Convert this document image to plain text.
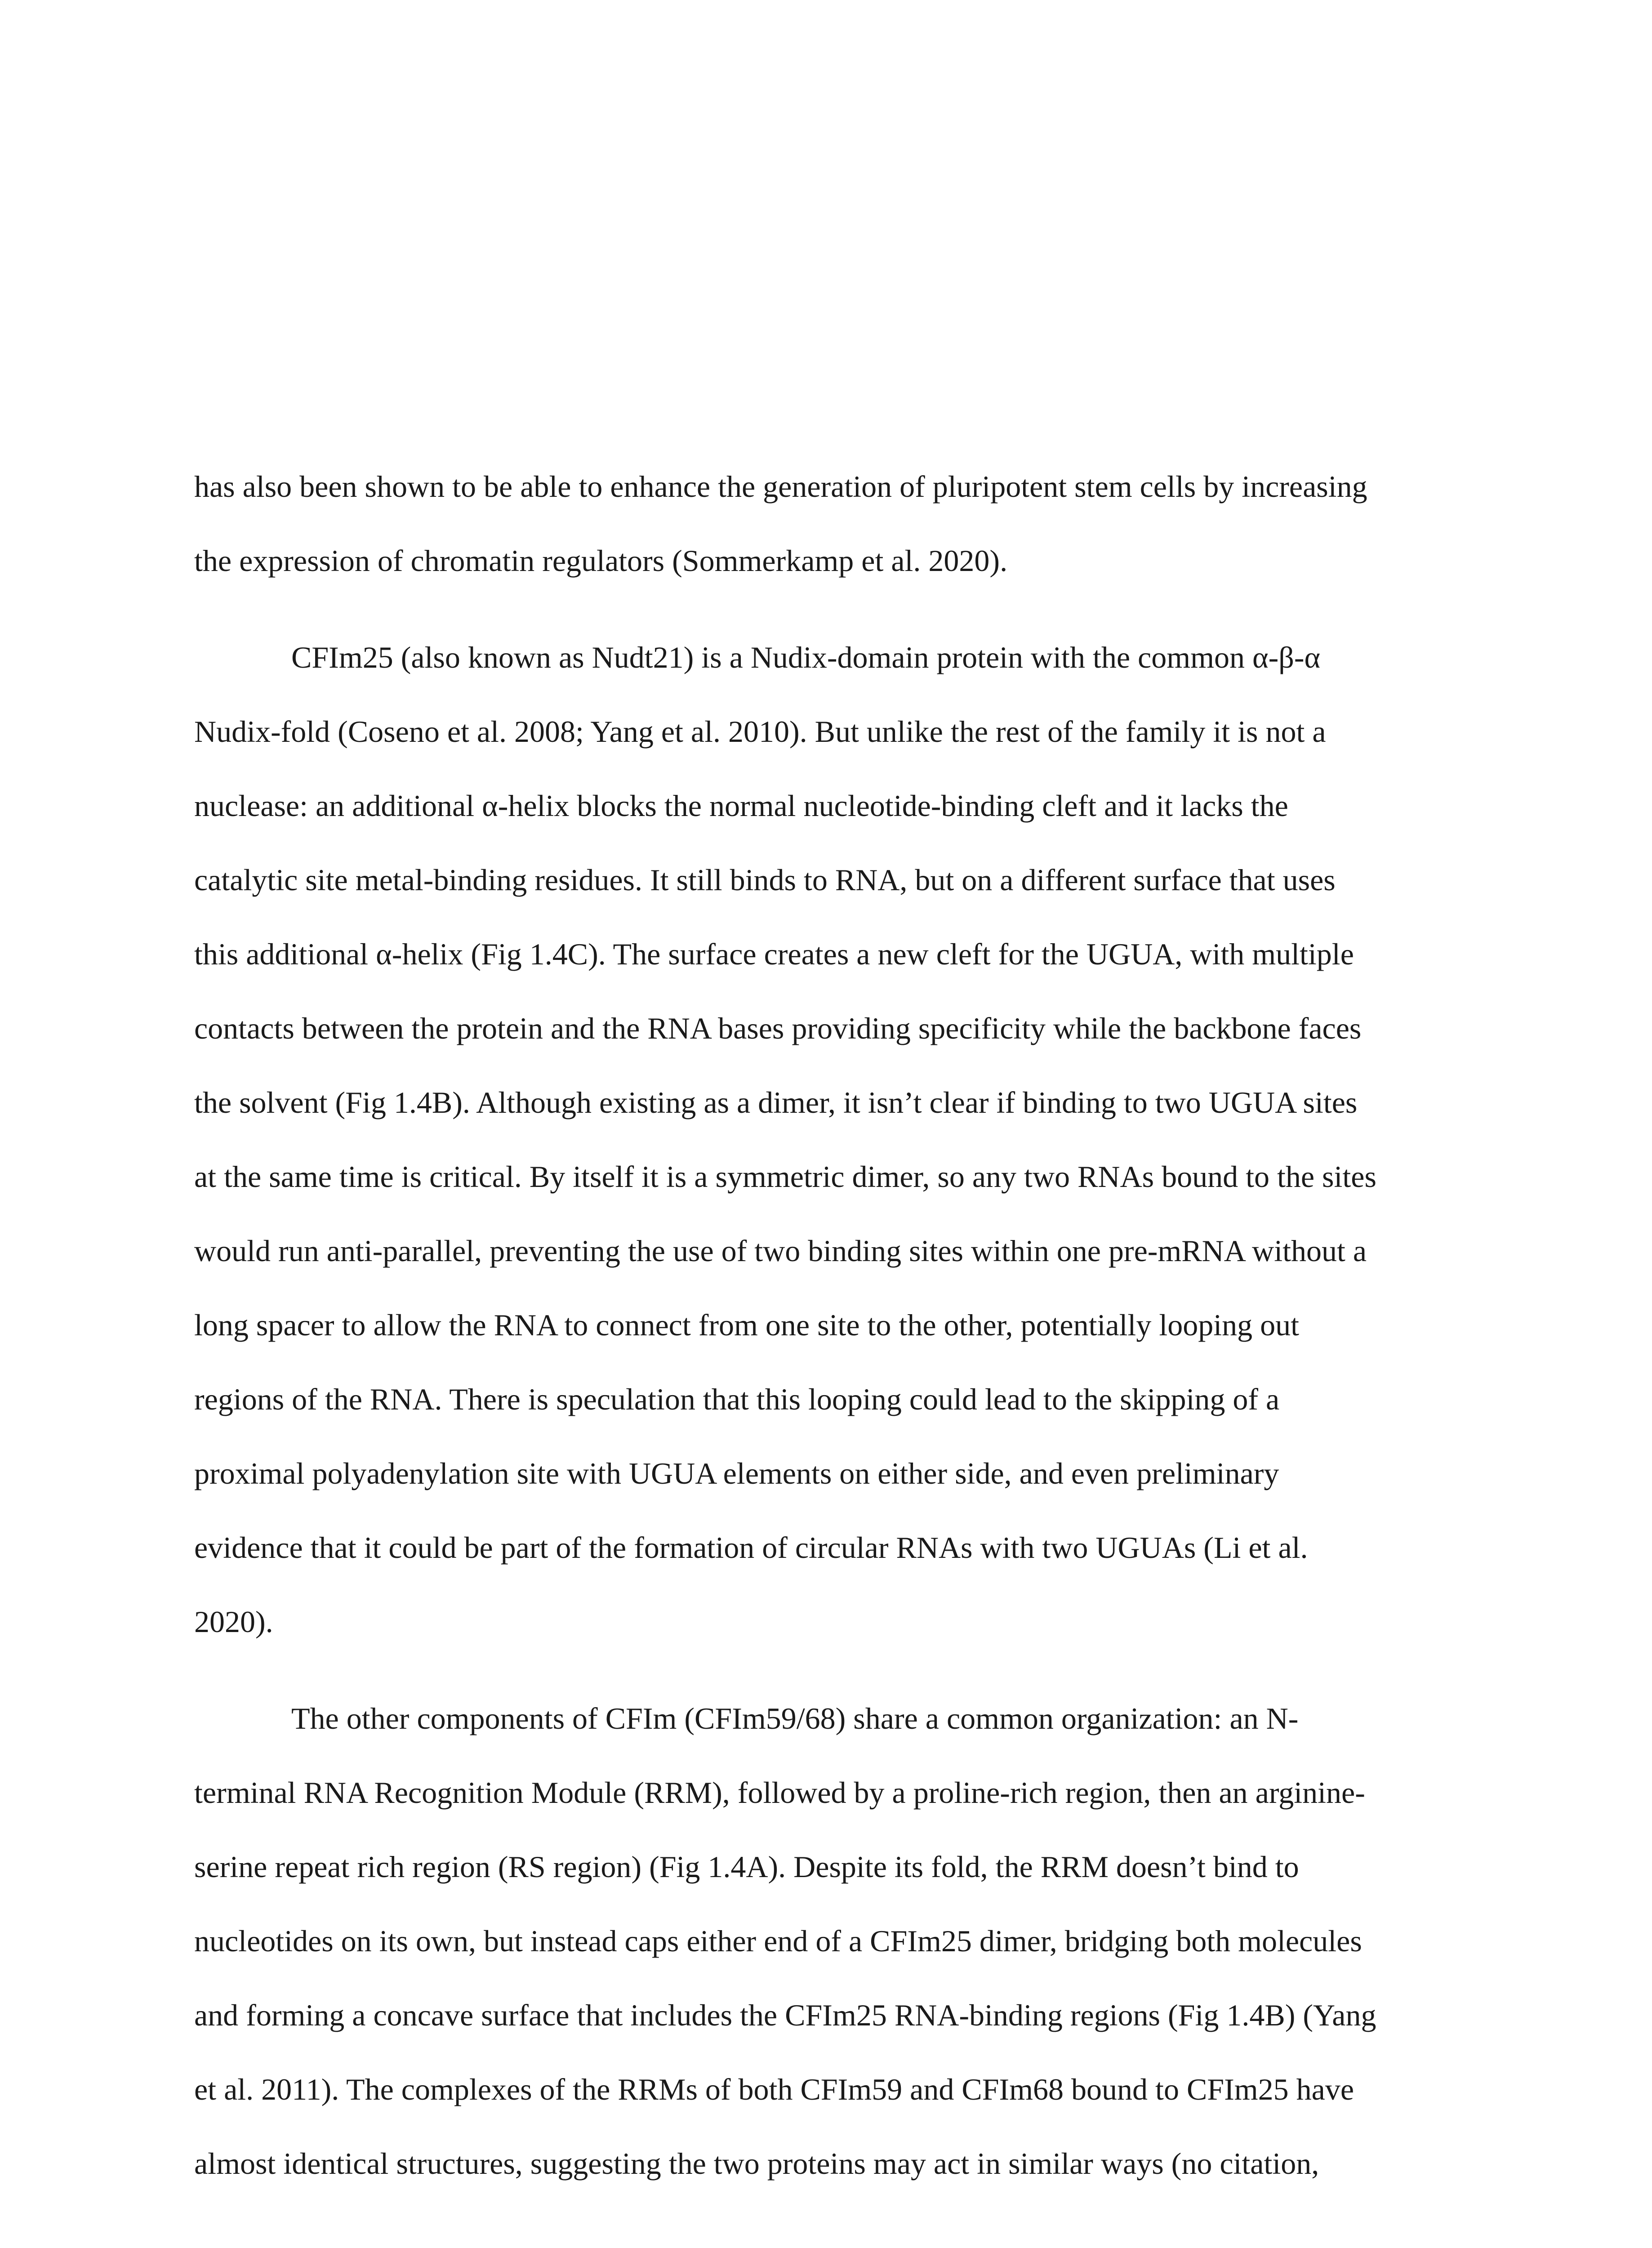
has also been shown to be able to enhance the generation of pluripotent stem cells by increasing

the expression of chromatin regulators (Sommerkamp et al. 2020).

CFIm25 (also known as Nudt21) is a Nudix-domain protein with the common α-β-α

Nudix-fold (Coseno et al. 2008; Yang et al. 2010). But unlike the rest of the family it is not a

nuclease: an additional α-helix blocks the normal nucleotide-binding cleft and it lacks the

catalytic site metal-binding residues. It still binds to RNA, but on a different surface that uses

this additional α-helix (Fig 1.4C). The surface creates a new cleft for the UGUA, with multiple

contacts between the protein and the RNA bases providing specificity while the backbone faces

the solvent (Fig 1.4B). Although existing as a dimer, it isn’t clear if binding to two UGUA sites

at the same time is critical. By itself it is a symmetric dimer, so any two RNAs bound to the sites

would run anti-parallel, preventing the use of two binding sites within one pre-mRNA without a

long spacer to allow the RNA to connect from one site to the other, potentially looping out

regions of the RNA. There is speculation that this looping could lead to the skipping of a

proximal polyadenylation site with UGUA elements on either side, and even preliminary

evidence that it could be part of the formation of circular RNAs with two UGUAs (Li et al.

2020).

The other components of CFIm (CFIm59/68) share a common organization: an N-

terminal RNA Recognition Module (RRM), followed by a proline-rich region, then an arginine-

serine repeat rich region (RS region) (Fig 1.4A). Despite its fold, the RRM doesn’t bind to

nucleotides on its own, but instead caps either end of a CFIm25 dimer, bridging both molecules

and forming a concave surface that includes the CFIm25 RNA-binding regions (Fig 1.4B) (Yang

et al. 2011). The complexes of the RRMs of both CFIm59 and CFIm68 bound to CFIm25 have

almost identical structures, suggesting the two proteins may act in similar ways (no citation,
